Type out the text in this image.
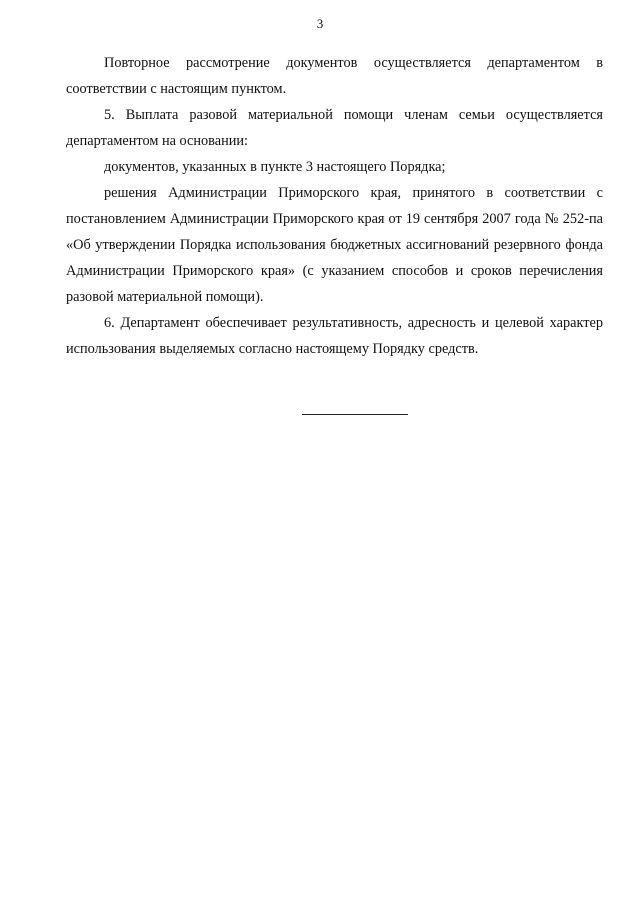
3

Повторное рассмотрение документов осуществляется департаментом в соответствии с настоящим пунктом.

5. Выплата разовой материальной помощи членам семьи осуществляется департаментом на основании:

документов, указанных в пункте 3 настоящего Порядка;

решения Администрации Приморского края, принятого в соответствии с постановлением Администрации Приморского края от 19 сентября 2007 года № 252-па «Об утверждении Порядка использования бюджетных ассигнований резервного фонда Администрации Приморского края» (с указанием способов и сроков перечисления разовой материальной помощи).

6. Департамент обеспечивает результативность, адресность и целевой характер использования выделяемых согласно настоящему Порядку средств.
